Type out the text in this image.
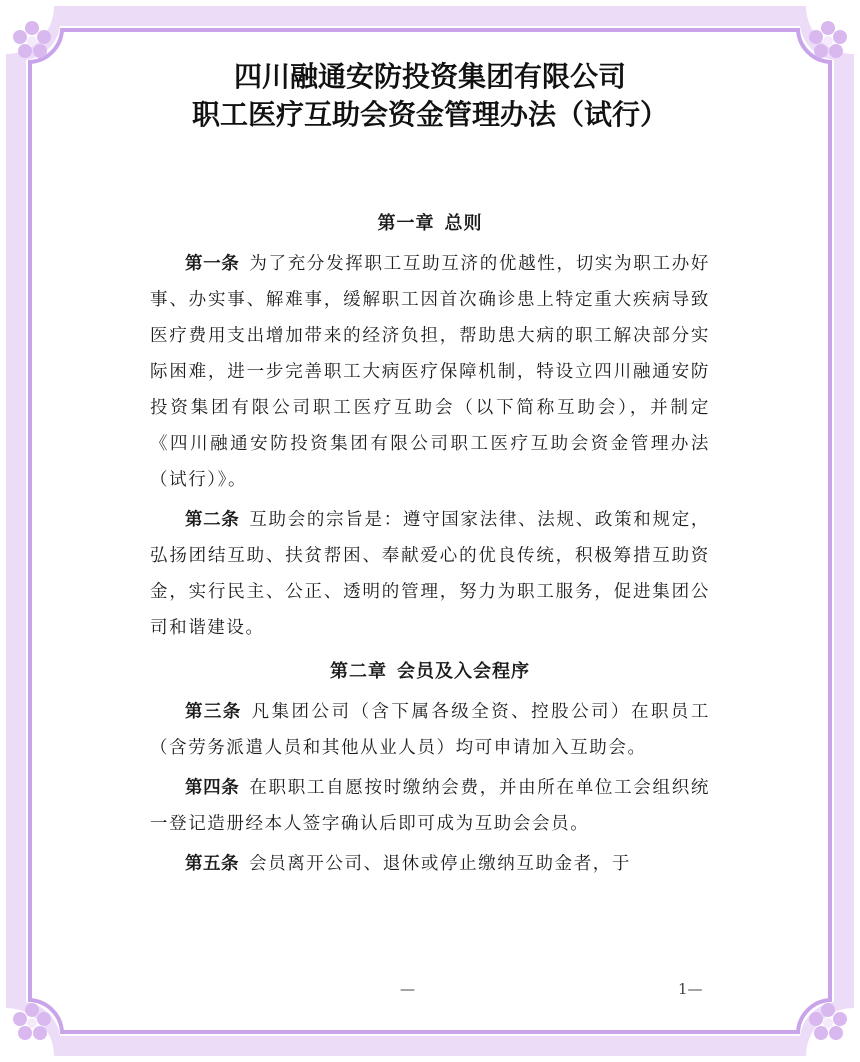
四川融通安防投资集团有限公司
职工医疗互助会资金管理办法（试行）
第一章 总则

第一条 为了充分发挥职工互助互济的优越性，切实为职工办好事、办实事、解难事，缓解职工因首次确诊患上特定重大疾病导致医疗费用支出增加带来的经济负担，帮助患大病的职工解决部分实际困难，进一步完善职工大病医疗保障机制，特设立四川融通安防投资集团有限公司职工医疗互助会（以下简称互助会），并制定《四川融通安防投资集团有限公司职工医疗互助会资金管理办法（试行）》。

第二条 互助会的宗旨是：遵守国家法律、法规、政策和规定，弘扬团结互助、扶贫帮困、奉献爱心的优良传统，积极筹措互助资金，实行民主、公正、透明的管理，努力为职工服务，促进集团公司和谐建设。

第二章 会员及入会程序

第三条 凡集团公司（含下属各级全资、控股公司）在职员工（含劳务派遣人员和其他从业人员）均可申请加入互助会。

第四条 在职职工自愿按时缴纳会费，并由所在单位工会组织统一登记造册经本人签字确认后即可成为互助会会员。

第五条 会员离开公司、退休或停止缴纳互助金者，于

—	1—
